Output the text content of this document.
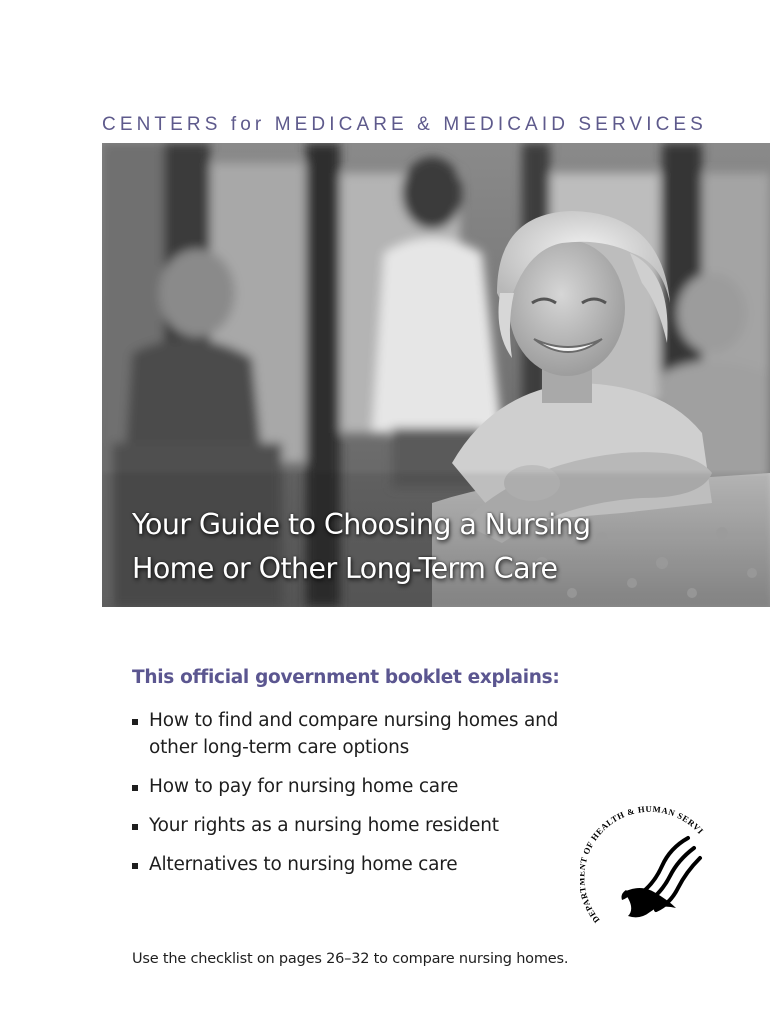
CENTERS for MEDICARE & MEDICAID SERVICES
Your Guide to Choosing a Nursing
Home or Other Long-Term Care

This official government booklet explains:

How to find and compare nursing homes and other long-term care options
How to pay for nursing home care
Your rights as a nursing home resident
Alternatives to nursing home care
DEPA OF HEALTH & HUMAN SERVI

Use the checklist on pages 26–32 to compare nursing homes.
